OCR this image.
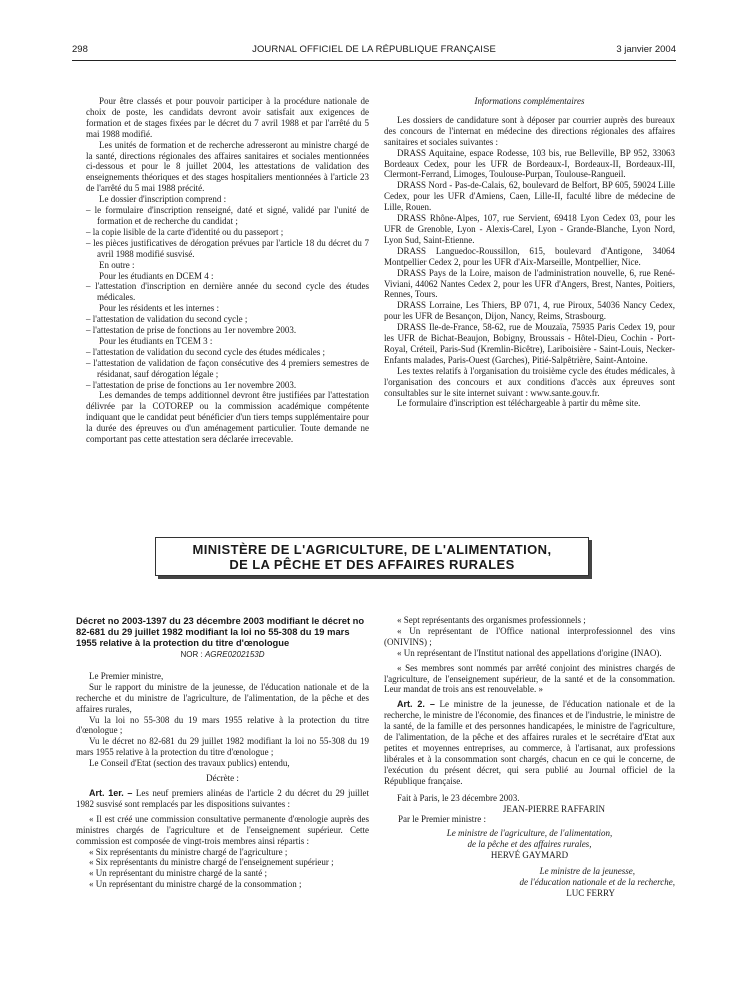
298	JOURNAL OFFICIEL DE LA RÉPUBLIQUE FRANÇAISE	3 janvier 2004

Pour être classés et pour pouvoir participer à la procédure nationale de choix de poste, les candidats devront avoir satisfait aux exigences de formation et de stages fixées par le décret du 7 avril 1988 et par l'arrêté du 5 mai 1988 modifié.

Les unités de formation et de recherche adresseront au ministre chargé de la santé, directions régionales des affaires sanitaires et sociales mentionnées ci-dessous et pour le 8 juillet 2004, les attestations de validation des enseignements théoriques et des stages hospitaliers mentionnées à l'article 23 de l'arrêté du 5 mai 1988 précité.

Le dossier d'inscription comprend :

– le formulaire d'inscription renseigné, daté et signé, validé par l'unité de formation et de recherche du candidat ;

– la copie lisible de la carte d'identité ou du passeport ;

– les pièces justificatives de dérogation prévues par l'article 18 du décret du 7 avril 1988 modifié susvisé.

En outre :

Pour les étudiants en DCEM 4 :

– l'attestation d'inscription en dernière année du second cycle des études médicales.

Pour les résidents et les internes :

– l'attestation de validation du second cycle ;

– l'attestation de prise de fonctions au 1er novembre 2003.

Pour les étudiants en TCEM 3 :

– l'attestation de validation du second cycle des études médicales ;

– l'attestation de validation de façon consécutive des 4 premiers semestres de résidanat, sauf dérogation légale ;

– l'attestation de prise de fonctions au 1er novembre 2003.

Les demandes de temps additionnel devront être justifiées par l'attestation délivrée par la COTOREP ou la commission académique compétente indiquant que le candidat peut bénéficier d'un tiers temps supplémentaire pour la durée des épreuves ou d'un aménagement particulier. Toute demande ne comportant pas cette attestation sera déclarée irrecevable.

Informations complémentaires

Les dossiers de candidature sont à déposer par courrier auprès des bureaux des concours de l'internat en médecine des directions régionales des affaires sanitaires et sociales suivantes :

DRASS Aquitaine, espace Rodesse, 103 bis, rue Belleville, BP 952, 33063 Bordeaux Cedex, pour les UFR de Bordeaux-I, Bordeaux-II, Bordeaux-III, Clermont-Ferrand, Limoges, Toulouse-Purpan, Toulouse-Rangueil.

DRASS Nord - Pas-de-Calais, 62, boulevard de Belfort, BP 605, 59024 Lille Cedex, pour les UFR d'Amiens, Caen, Lille-II, faculté libre de médecine de Lille, Rouen.

DRASS Rhône-Alpes, 107, rue Servient, 69418 Lyon Cedex 03, pour les UFR de Grenoble, Lyon - Alexis-Carel, Lyon - Grande-Blanche, Lyon Nord, Lyon Sud, Saint-Etienne.

DRASS Languedoc-Roussillon, 615, boulevard d'Antigone, 34064 Montpellier Cedex 2, pour les UFR d'Aix-Marseille, Montpellier, Nice.

DRASS Pays de la Loire, maison de l'administration nouvelle, 6, rue René-Viviani, 44062 Nantes Cedex 2, pour les UFR d'Angers, Brest, Nantes, Poitiers, Rennes, Tours.

DRASS Lorraine, Les Thiers, BP 071, 4, rue Piroux, 54036 Nancy Cedex, pour les UFR de Besançon, Dijon, Nancy, Reims, Strasbourg.

DRASS Ile-de-France, 58-62, rue de Mouzaïa, 75935 Paris Cedex 19, pour les UFR de Bichat-Beaujon, Bobigny, Broussais - Hôtel-Dieu, Cochin - Port-Royal, Créteil, Paris-Sud (Kremlin-Bicêtre), Lariboisière - Saint-Louis, Necker-Enfants malades, Paris-Ouest (Garches), Pitié-Salpêtrière, Saint-Antoine.

Les textes relatifs à l'organisation du troisième cycle des études médicales, à l'organisation des concours et aux conditions d'accès aux épreuves sont consultables sur le site internet suivant : www.sante.gouv.fr.

Le formulaire d'inscription est téléchargeable à partir du même site.

MINISTÈRE DE L'AGRICULTURE, DE L'ALIMENTATION,
DE LA PÊCHE ET DES AFFAIRES RURALES

Décret no 2003-1397 du 23 décembre 2003 modifiant le décret no 82-681 du 29 juillet 1982 modifiant la loi no 55-308 du 19 mars 1955 relative à la protection du titre d'œnologue

NOR : AGRE0202153D

Le Premier ministre,

Sur le rapport du ministre de la jeunesse, de l'éducation nationale et de la recherche et du ministre de l'agriculture, de l'alimentation, de la pêche et des affaires rurales,

Vu la loi no 55-308 du 19 mars 1955 relative à la protection du titre d'œnologue ;

Vu le décret no 82-681 du 29 juillet 1982 modifiant la loi no 55-308 du 19 mars 1955 relative à la protection du titre d'œnologue ;

Le Conseil d'Etat (section des travaux publics) entendu,

Décrète :

Art. 1er. – Les neuf premiers alinéas de l'article 2 du décret du 29 juillet 1982 susvisé sont remplacés par les dispositions suivantes :

« Il est créé une commission consultative permanente d'œnologie auprès des ministres chargés de l'agriculture et de l'enseignement supérieur. Cette commission est composée de vingt-trois membres ainsi répartis :

« Six représentants du ministre chargé de l'agriculture ;

« Six représentants du ministre chargé de l'enseignement supérieur ;

« Un représentant du ministre chargé de la santé ;

« Un représentant du ministre chargé de la consommation ;

« Sept représentants des organismes professionnels ;

« Un représentant de l'Office national interprofessionnel des vins (ONIVINS) ;

« Un représentant de l'Institut national des appellations d'origine (INAO).

« Ses membres sont nommés par arrêté conjoint des ministres chargés de l'agriculture, de l'enseignement supérieur, de la santé et de la consommation. Leur mandat de trois ans est renouvelable. »

Art. 2. – Le ministre de la jeunesse, de l'éducation nationale et de la recherche, le ministre de l'économie, des finances et de l'industrie, le ministre de la santé, de la famille et des personnes handicapées, le ministre de l'agriculture, de l'alimentation, de la pêche et des affaires rurales et le secrétaire d'Etat aux petites et moyennes entreprises, au commerce, à l'artisanat, aux professions libérales et à la consommation sont chargés, chacun en ce qui le concerne, de l'exécution du présent décret, qui sera publié au Journal officiel de la République française.

Fait à Paris, le 23 décembre 2003.

JEAN-PIERRE RAFFARIN

Par le Premier ministre :

Le ministre de l'agriculture, de l'alimentation,
de la pêche et des affaires rurales,

HERVÉ GAYMARD

Le ministre de la jeunesse,
de l'éducation nationale et de la recherche,

LUC FERRY
